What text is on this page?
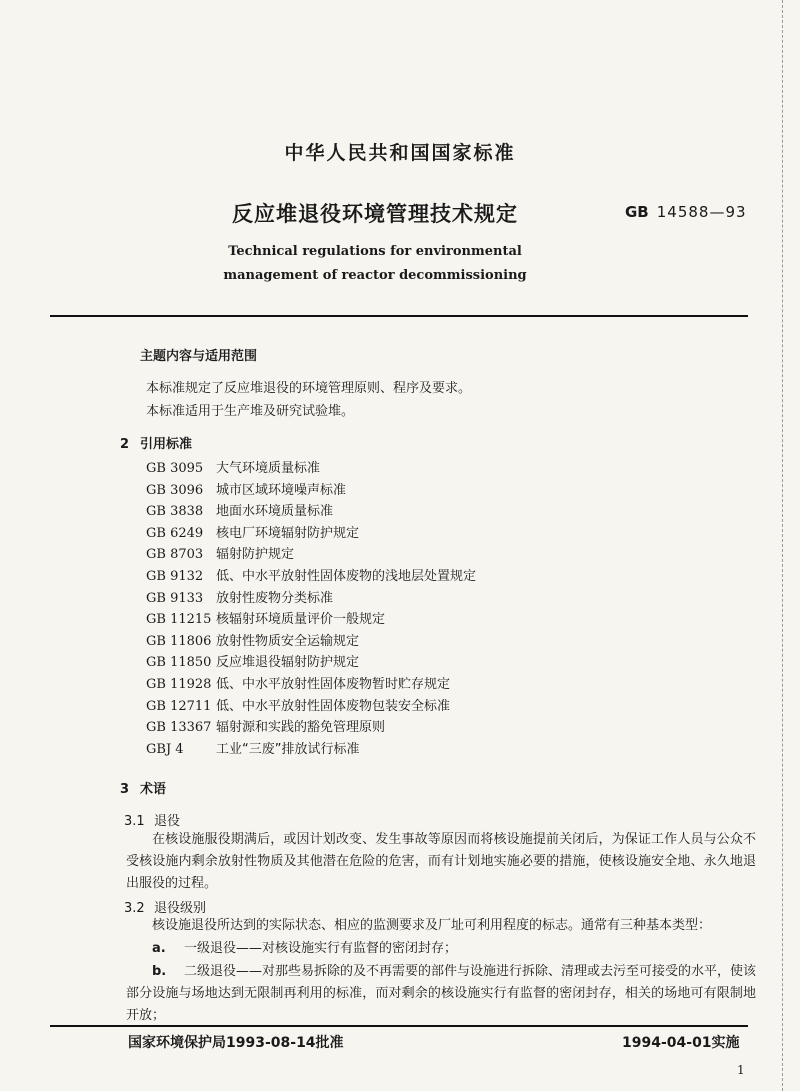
中华人民共和国国家标准
反应堆退役环境管理技术规定	GB 14588—93
Technical regulations for environmental
management of reactor decommissioning
主题内容与适用范围
本标准规定了反应堆退役的环境管理原则、程序及要求。
本标准适用于生产堆及研究试验堆。
2 引用标准
GB 3095 大气环境质量标准
GB 3096 城市区域环境噪声标准
GB 3838 地面水环境质量标准
GB 6249 核电厂环境辐射防护规定
GB 8703 辐射防护规定
GB 9132 低、中水平放射性固体废物的浅地层处置规定
GB 9133 放射性废物分类标准
GB 11215 核辐射环境质量评价一般规定
GB 11806 放射性物质安全运输规定
GB 11850 反应堆退役辐射防护规定
GB 11928 低、中水平放射性固体废物暂时贮存规定
GB 12711 低、中水平放射性固体废物包装安全标准
GB 13367 辐射源和实践的豁免管理原则
GBJ 4 工业“三废”排放试行标准
3 术语
3.1 退役
在核设施服役期满后，或因计划改变、发生事故等原因而将核设施提前关闭后，为保证工作人员与公众不受核设施内剩余放射性物质及其他潜在危险的危害，而有计划地实施必要的措施，使核设施安全地、永久地退出服役的过程。
3.2 退役级别
核设施退役所达到的实际状态、相应的监测要求及厂址可利用程度的标志。通常有三种基本类型：
a. 一级退役——对核设施实行有监督的密闭封存；
b. 二级退役——对那些易拆除的及不再需要的部件与设施进行拆除、清理或去污至可接受的水平，使该部分设施与场地达到无限制再利用的标准，而对剩余的核设施实行有监督的密闭封存，相关的场地可有限制地开放；
国家环境保护局1993-08-14批准	1994-04-01实施
1
